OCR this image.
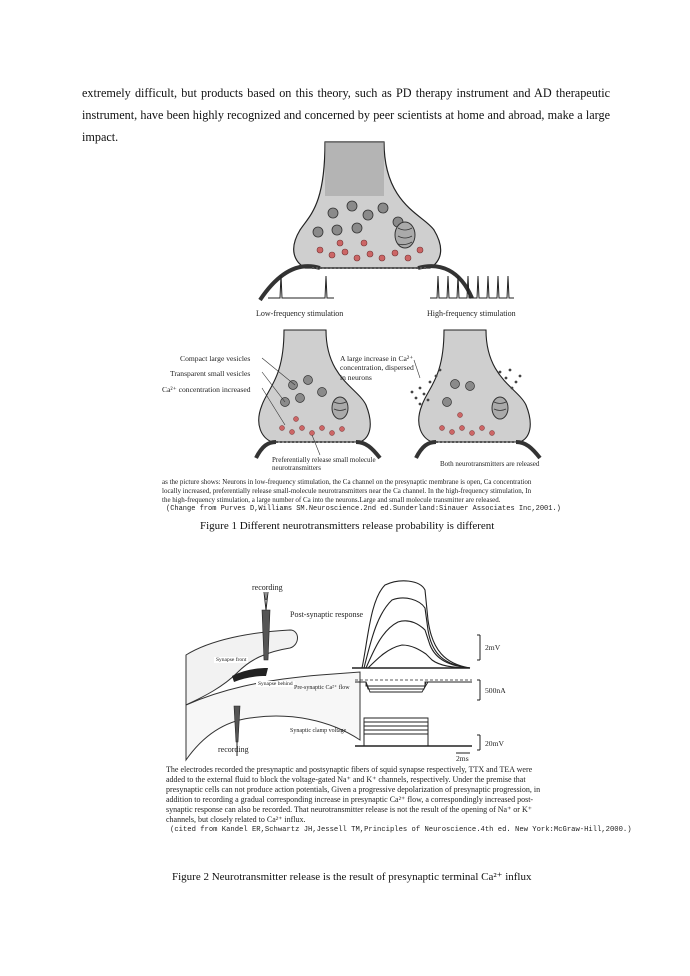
extremely difficult, but products based on this theory, such as PD therapy instrument and AD therapeutic instrument, have been highly recognized and concerned by peer scientists at home and abroad, make a large impact.
Low-frequency stimulation	High-frequency stimulation
Compact large vesicles
Transparent small vesicles
Ca²⁺ concentration increased
A large increase in Ca²⁺ concentration, dispersed in neurons
Preferentially release small molecule neurotransmitters
Both neurotransmitters are released
as the picture shows: Neurons in low-frequency stimulation, the Ca channel on the presynaptic membrane is open, Ca concentration
locally increased, preferentially release small-molecule neurotransmitters near the Ca channel. In the high-frequency stimulation, In
the high-frequency stimulation, a large number of Ca into the neurons.Large and small molecule transmitter are released.
(Change from Purves D,Williams SM.Neuroscience.2nd ed.Sunderland:Sinauer Associates Inc,2001.)
Figure 1 Different neurotransmitters release probability is different
recording
recording
Synapse front
Synapse behind
Post-synaptic response
Pre-synaptic Ca²⁺ flow
Synaptic clamp voltage
2mV
500nA
20mV
2ms
The electrodes recorded the presynaptic and postsynaptic fibers of squid synapse respectively, TTX and TEA were
added to the external fluid to block the voltage-gated Na⁺ and K⁺ channels, respectively. Under the premise that
presynaptic cells can not produce action potentials, Given a progressive depolarization of presynaptic progression, in
addition to recording a gradual corresponding increase in presynaptic Ca²⁺ flow, a correspondingly increased post-
synaptic response can also be recorded. That neurotransmitter release is not the result of the opening of Na⁺ or K⁺
channels, but closely related to Ca²⁺ influx.
(cited from Kandel ER,Schwartz JH,Jessell TM,Principles of Neuroscience.4th ed. New York:McGraw-Hill,2000.)
Figure 2 Neurotransmitter release is the result of presynaptic terminal Ca²⁺ influx
